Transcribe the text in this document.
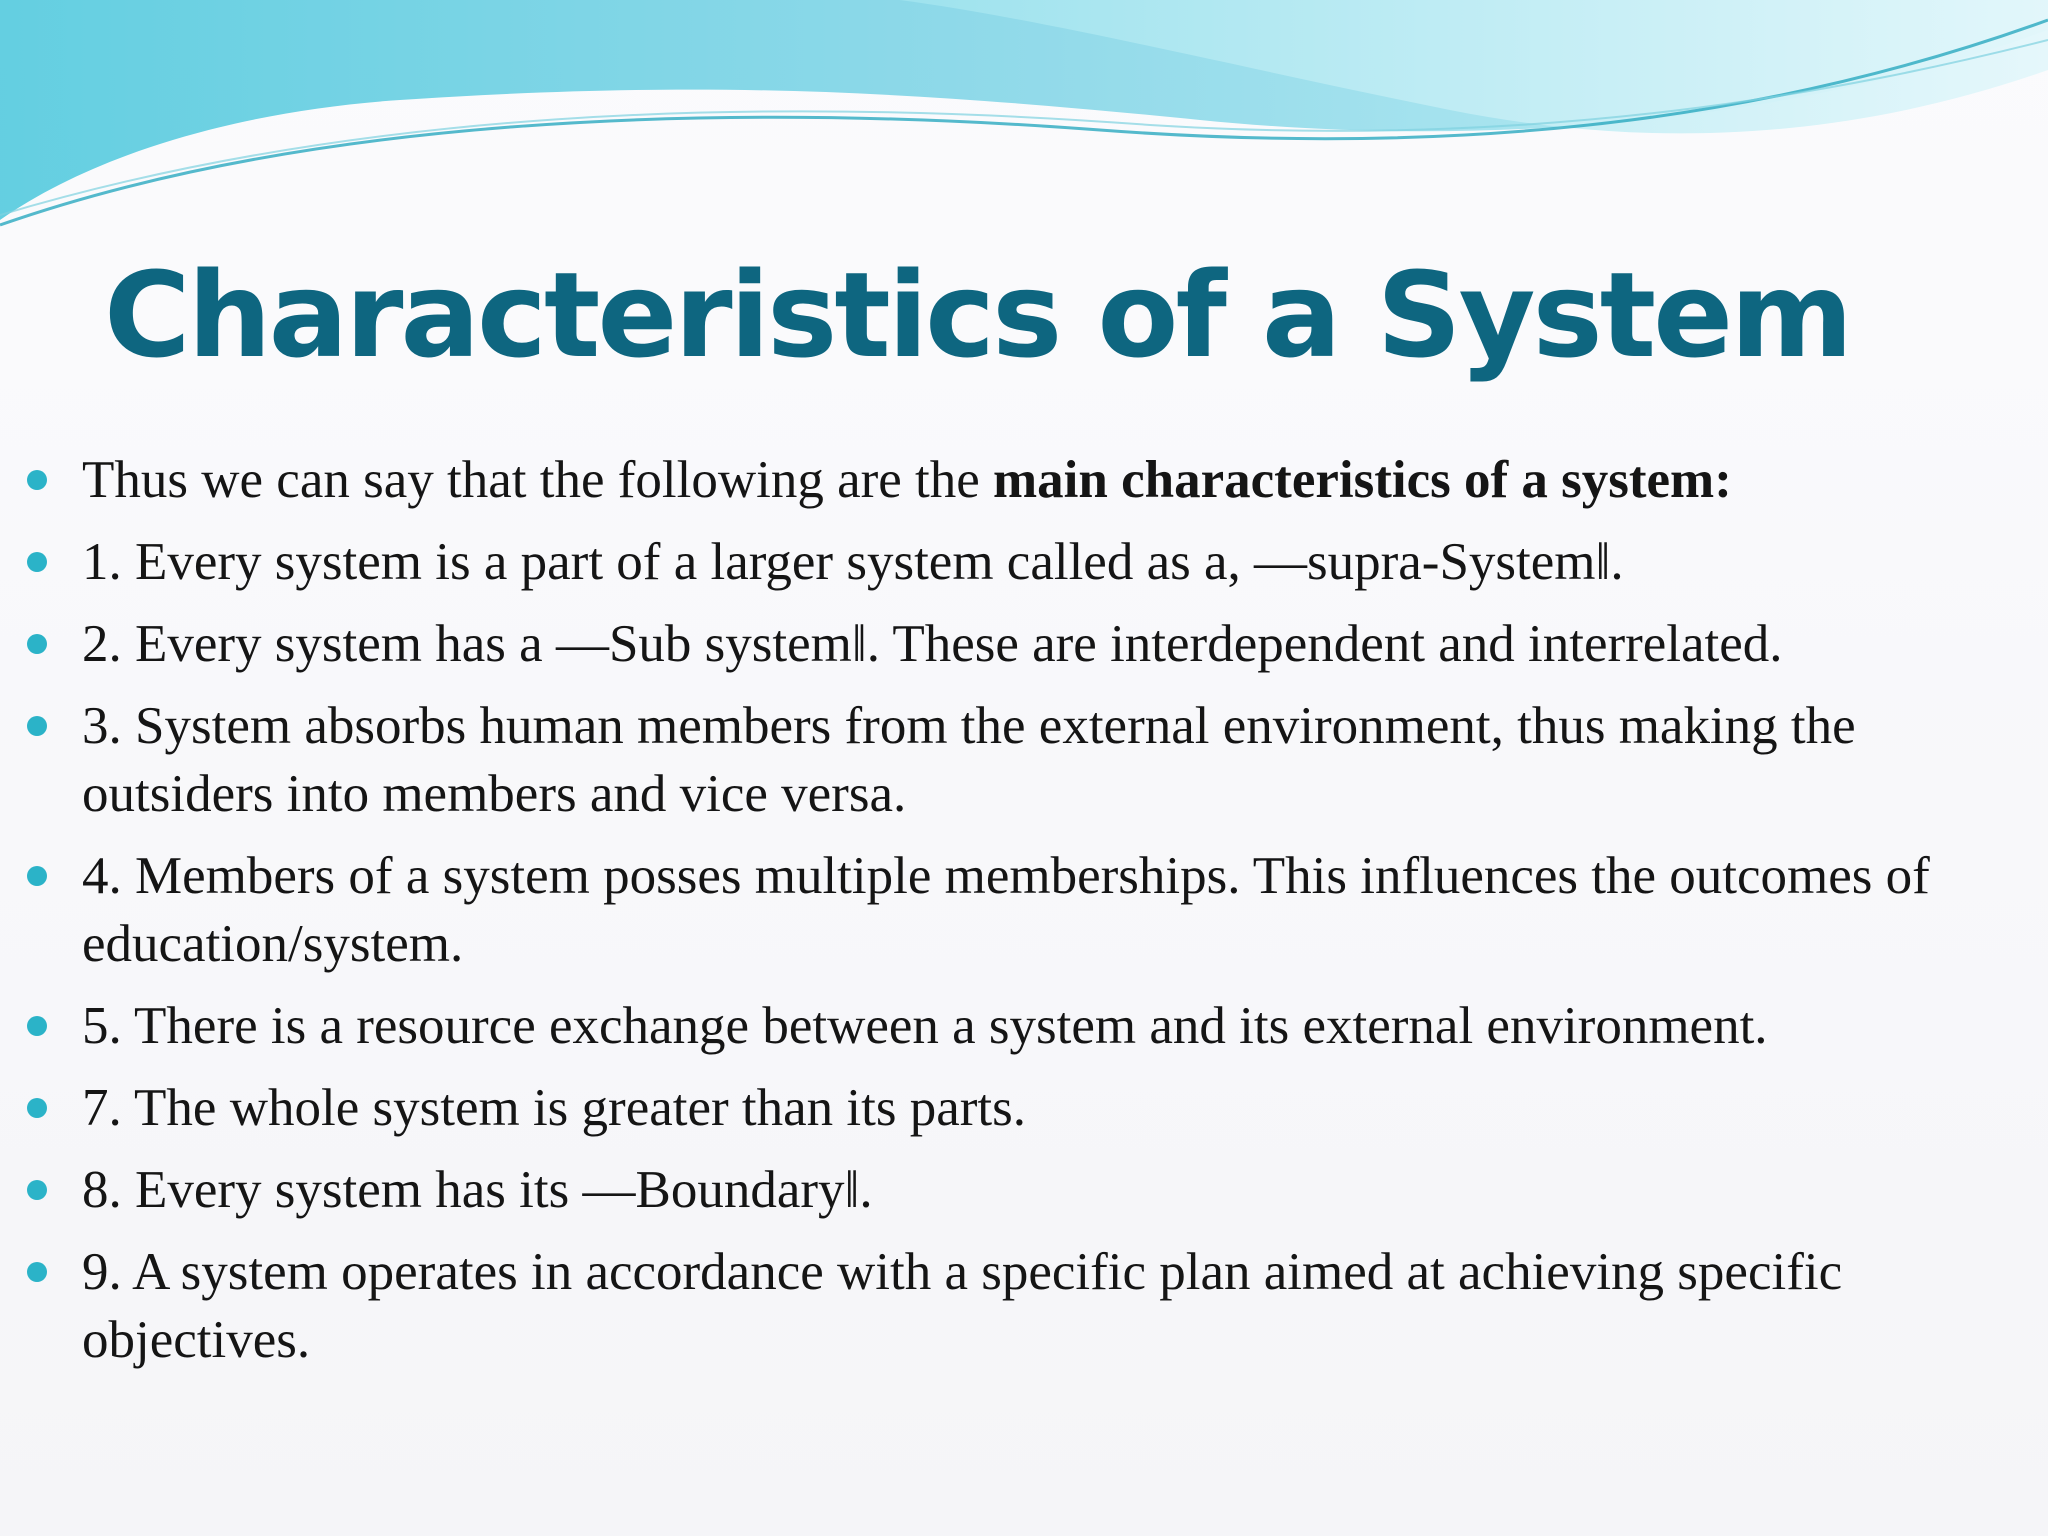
Characteristics of a System
Thus we can say that the following are the main characteristics of a system:
1. Every system is a part of a larger system called as a, ―supra-System‖.
2. Every system has a ―Sub system‖. These are interdependent and interrelated.
3. System absorbs human members from the external environment, thus making the outsiders into members and vice versa.
4. Members of a system posses multiple memberships. This influences the outcomes of education/system.
5. There is a resource exchange between a system and its external environment.
7. The whole system is greater than its parts.
8. Every system has its ―Boundary‖.
9. A system operates in accordance with a specific plan aimed at achieving specific objectives.
